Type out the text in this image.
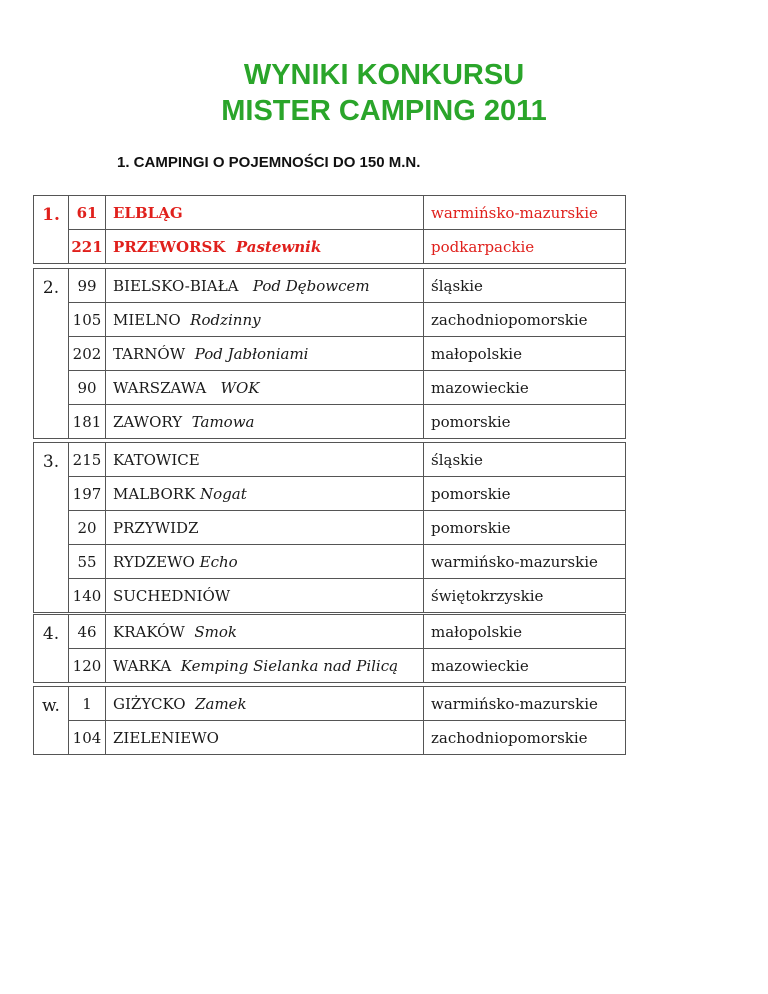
WYNIKI KONKURSU
MISTER CAMPING 2011
1. CAMPINGI O POJEMNOŚCI DO 150 M.N.
1.	61	ELBLĄG	warmińsko-mazurskie
	221	PRZEWORSK Pastewnik	podkarpackie
2.	99	BIELSKO-BIAŁA Pod Dębowcem	śląskie
	105	MIELNO Rodzinny	zachodniopomorskie
	202	TARNÓW Pod Jabłoniami	małopolskie
	90	WARSZAWA WOK	mazowieckie
	181	ZAWORY Tamowa	pomorskie
3.	215	KATOWICE	śląskie
	197	MALBORK Nogat	pomorskie
	20	PRZYWIDZ	pomorskie
	55	RYDZEWO Echo	warmińsko-mazurskie
	140	SUCHEDNIÓW	świętokrzyskie
4.	46	KRAKÓW Smok	małopolskie
	120	WARKA Kemping Sielanka nad Pilicą	mazowieckie
w.	1	GIŻYCKO Zamek	warmińsko-mazurskie
	104	ZIELENIEWO	zachodniopomorskie
